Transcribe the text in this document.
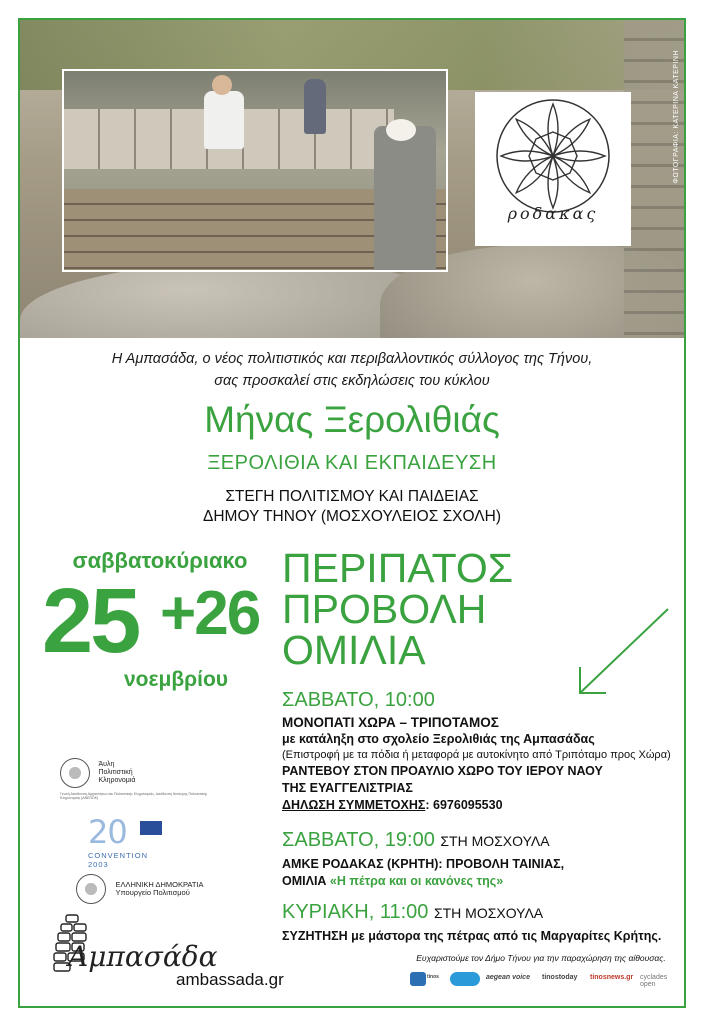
ΦΩΤΟΓΡΑΦΙΑ: ΚΑΤΕΡΙΝΑ ΚΑΤΕΡΙΝΗ
ροδακας
Η Αμπασάδα, ο νέος πολιτιστικός και περιβαλλοντικός σύλλογος της Τήνου,
σας προσκαλεί στις εκδηλώσεις του κύκλου
Μήνας Ξερολιθιάς
ΞΕΡΟΛΙΘΙΑ ΚΑΙ ΕΚΠΑΙΔΕΥΣΗ
ΣΤΕΓΗ ΠΟΛΙΤΙΣΜΟΥ ΚΑΙ ΠΑΙΔΕΙΑΣ
ΔΗΜΟΥ ΤΗΝΟΥ (ΜΟΣΧΟΥΛΕΙΟΣ ΣΧΟΛΗ)
σαββατοκύριακο
25 +26
νοεμβρίου
ΠΕΡΙΠΑΤΟΣ
ΠΡΟΒΟΛΗ
ΟΜΙΛΙΑ
ΣΑΒΒΑΤΟ, 10:00
ΜΟΝΟΠΑΤΙ ΧΩΡΑ – ΤΡΙΠΟΤΑΜΟΣ
με κατάληξη στο σχολείο Ξερολιθιάς της Αμπασάδας
(Επιστροφή με τα πόδια ή μεταφορά με αυτοκίνητο από Τριπόταμο προς Χώρα)
ΡΑΝΤΕΒΟΥ ΣΤΟΝ ΠΡΟΑΥΛΙΟ ΧΩΡΟ ΤΟΥ ΙΕΡΟΥ ΝΑΟΥ
ΤΗΣ ΕΥΑΓΓΕΛΙΣΤΡΙΑΣ
ΔΗΛΩΣΗ ΣΥΜΜΕΤΟΧΗΣ: 6976095530
ΣΑΒΒΑΤΟ, 19:00 ΣΤΗ ΜΟΣΧΟΥΛΑ
ΑΜΚΕ ΡΟΔΑΚΑΣ (ΚΡΗΤΗ): ΠΡΟΒΟΛΗ ΤΑΙΝΙΑΣ,
ΟΜΙΛΙΑ «Η πέτρα και οι κανόνες της»
ΚΥΡΙΑΚΗ, 11:00 ΣΤΗ ΜΟΣΧΟΥΛΑ
ΣΥΖΗΤΗΣΗ με μάστορα της πέτρας από τις Μαργαρίτες Κρήτης.

Άυλη
Πολιτιστική
Κληρονομιά
Γενική Διεύθυνση Αρχαιοτήτων και Πολιτιστικής Κληρονομιάς, Διεύθυνση Νεότερης Πολιτιστικής Κληρονομιάς (ΔΝΕΠΟΚ)
20
CONVENTION 2003

ΕΛΛΗΝΙΚΗ ΔΗΜΟΚΡΑΤΙΑ
Υπουργείο Πολιτισμού
Αμπασάδα
ambassada.gr
Ευχαριστούμε τον Δήμο Τήνου για την παραχώρηση της αίθουσας.
tinos	aegean voice tinostoday tinosnews.gr cyclades open
